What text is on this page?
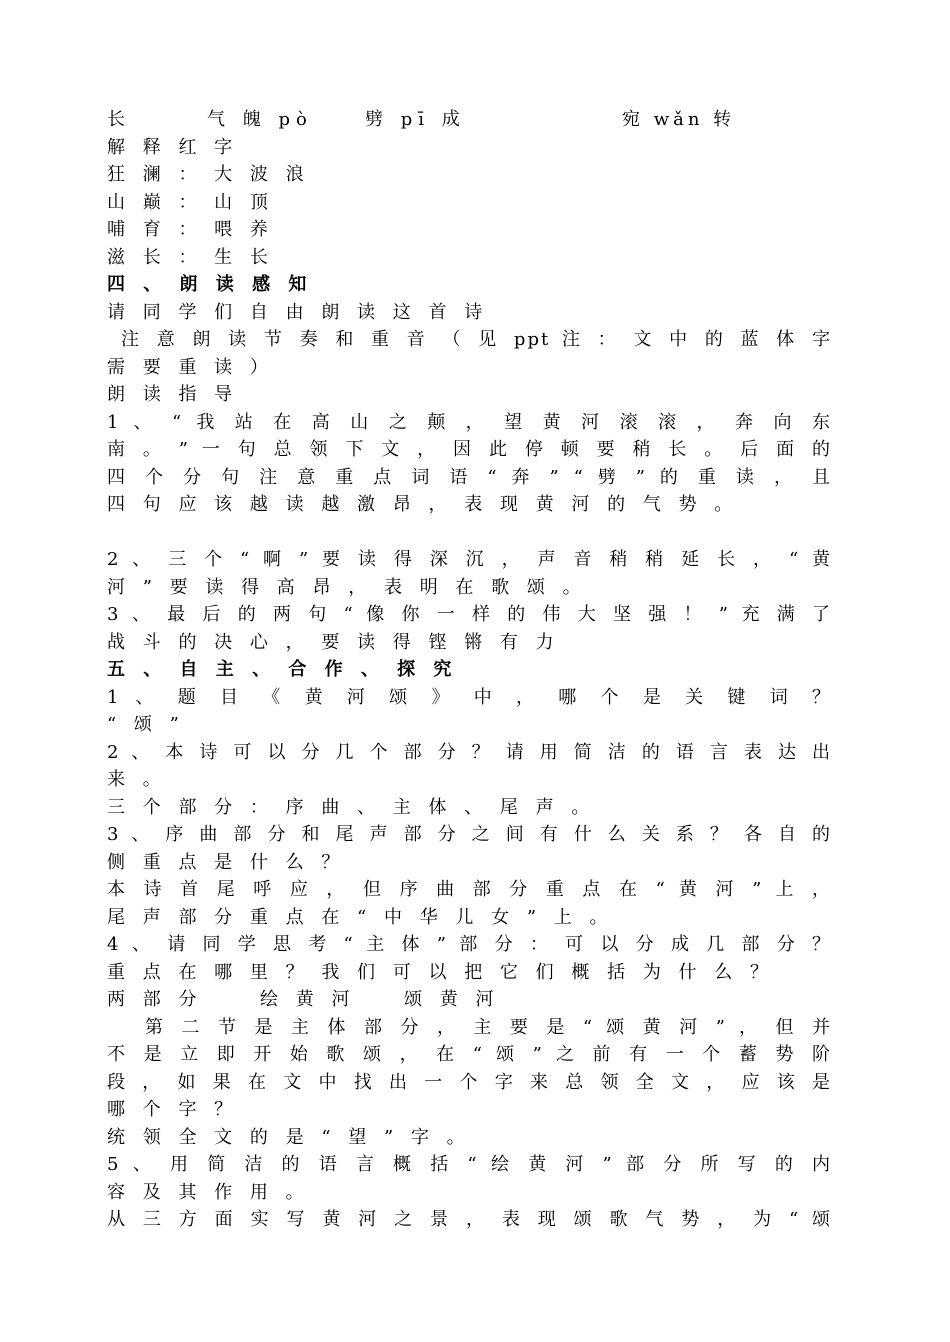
长	气 魄 pò	劈 pī 成	宛 wǎn 转
解 释 红 字
狂 澜 ： 大 波 浪
山 巅 ： 山 顶
哺 育 ： 喂 养
滋 长 ： 生 长
四 、 朗 读 感 知
请 同 学 们 自 由 朗 读 这 首 诗
注 意 朗 读 节 奏 和 重 音 （ 见 ppt 注 ： 文 中 的 蓝 体 字
需 要 重 读 ）
朗 读 指 导
1 、 “ 我 站 在 高 山 之 颠 ， 望 黄 河 滚 滚 ， 奔 向 东
南 。 ” 一 句 总 领 下 文 ， 因 此 停 顿 要 稍 长 。 后 面 的
四 个 分 句 注 意 重 点 词 语 “ 奔 ” “ 劈 ” 的 重 读 ， 且
四 句 应 该 越 读 越 激 昂 ， 表 现 黄 河 的 气 势 。
2 、 三 个 “ 啊 ” 要 读 得 深 沉 ， 声 音 稍 稍 延 长 ， “ 黄
河 ” 要 读 得 高 昂 ， 表 明 在 歌 颂 。
3 、 最 后 的 两 句 “ 像 你 一 样 的 伟 大 坚 强 ！ ” 充 满 了
战 斗 的 决 心 ， 要 读 得 铿 锵 有 力
五 、 自 主 、 合 作 、 探 究
1 、 题 目 《 黄 河 颂 》 中 ， 哪 个 是 关 键 词 ？
“ 颂 ”
2 、 本 诗 可 以 分 几 个 部 分 ？ 请 用 简 洁 的 语 言 表 达 出
来 。
三 个 部 分 ： 序 曲 、 主 体 、 尾 声 。
3 、 序 曲 部 分 和 尾 声 部 分 之 间 有 什 么 关 系 ？ 各 自 的
侧 重 点 是 什 么 ？
本 诗 首 尾 呼 应 ， 但 序 曲 部 分 重 点 在 “ 黄 河 ” 上 ，
尾 声 部 分 重 点 在 “ 中 华 儿 女 ” 上 。
4 、 请 同 学 思 考 “ 主 体 ” 部 分 ： 可 以 分 成 几 部 分 ？
重 点 在 哪 里 ？ 我 们 可 以 把 它 们 概 括 为 什 么 ？
两 部 分	绘 黄 河	颂 黄 河
第 二 节 是 主 体 部 分 ， 主 要 是 “ 颂 黄 河 ” ， 但 并
不 是 立 即 开 始 歌 颂 ， 在 “ 颂 ” 之 前 有 一 个 蓄 势 阶
段 ， 如 果 在 文 中 找 出 一 个 字 来 总 领 全 文 ， 应 该 是
哪 个 字 ？
统 领 全 文 的 是 “ 望 ” 字 。
5 、 用 简 洁 的 语 言 概 括 “ 绘 黄 河 ” 部 分 所 写 的 内
容 及 其 作 用 。
从 三 方 面 实 写 黄 河 之 景 ， 表 现 颂 歌 气 势 ， 为 “ 颂
